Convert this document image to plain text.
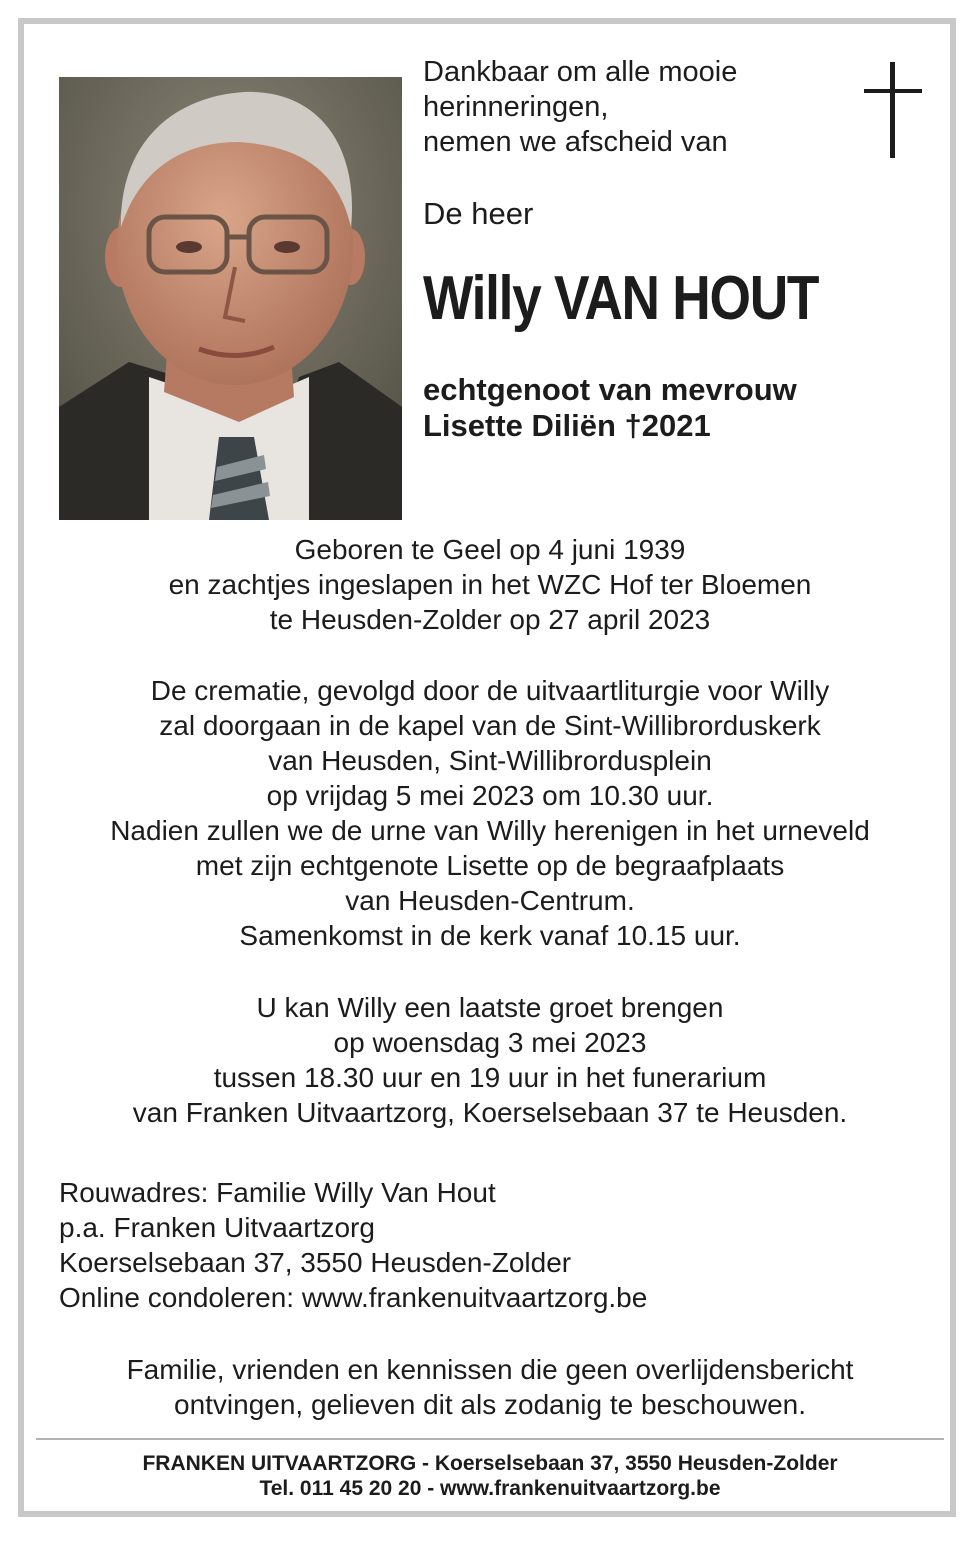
Dankbaar om alle mooie
herinneringen,
nemen we afscheid van
De heer
Willy VAN HOUT
echtgenoot van mevrouw
Lisette Diliën †2021
Geboren te Geel op 4 juni 1939
en zachtjes ingeslapen in het WZC Hof ter Bloemen
te Heusden-Zolder op 27 april 2023
De crematie, gevolgd door de uitvaartliturgie voor Willy
zal doorgaan in de kapel van de Sint-Willibrorduskerk
van Heusden, Sint-Willibrordusplein
op vrijdag 5 mei 2023 om 10.30 uur.
Nadien zullen we de urne van Willy herenigen in het urneveld
met zijn echtgenote Lisette op de begraafplaats
van Heusden-Centrum.
Samenkomst in de kerk vanaf 10.15 uur.
U kan Willy een laatste groet brengen
op woensdag 3 mei 2023
tussen 18.30 uur en 19 uur in het funerarium
van Franken Uitvaartzorg, Koerselsebaan 37 te Heusden.
Rouwadres: Familie Willy Van Hout
p.a. Franken Uitvaartzorg
Koerselsebaan 37, 3550 Heusden-Zolder
Online condoleren: www.frankenuitvaartzorg.be
Familie, vrienden en kennissen die geen overlijdensbericht
ontvingen, gelieven dit als zodanig te beschouwen.
FRANKEN UITVAARTZORG - Koerselsebaan 37, 3550 Heusden-Zolder
Tel. 011 45 20 20 - www.frankenuitvaartzorg.be
